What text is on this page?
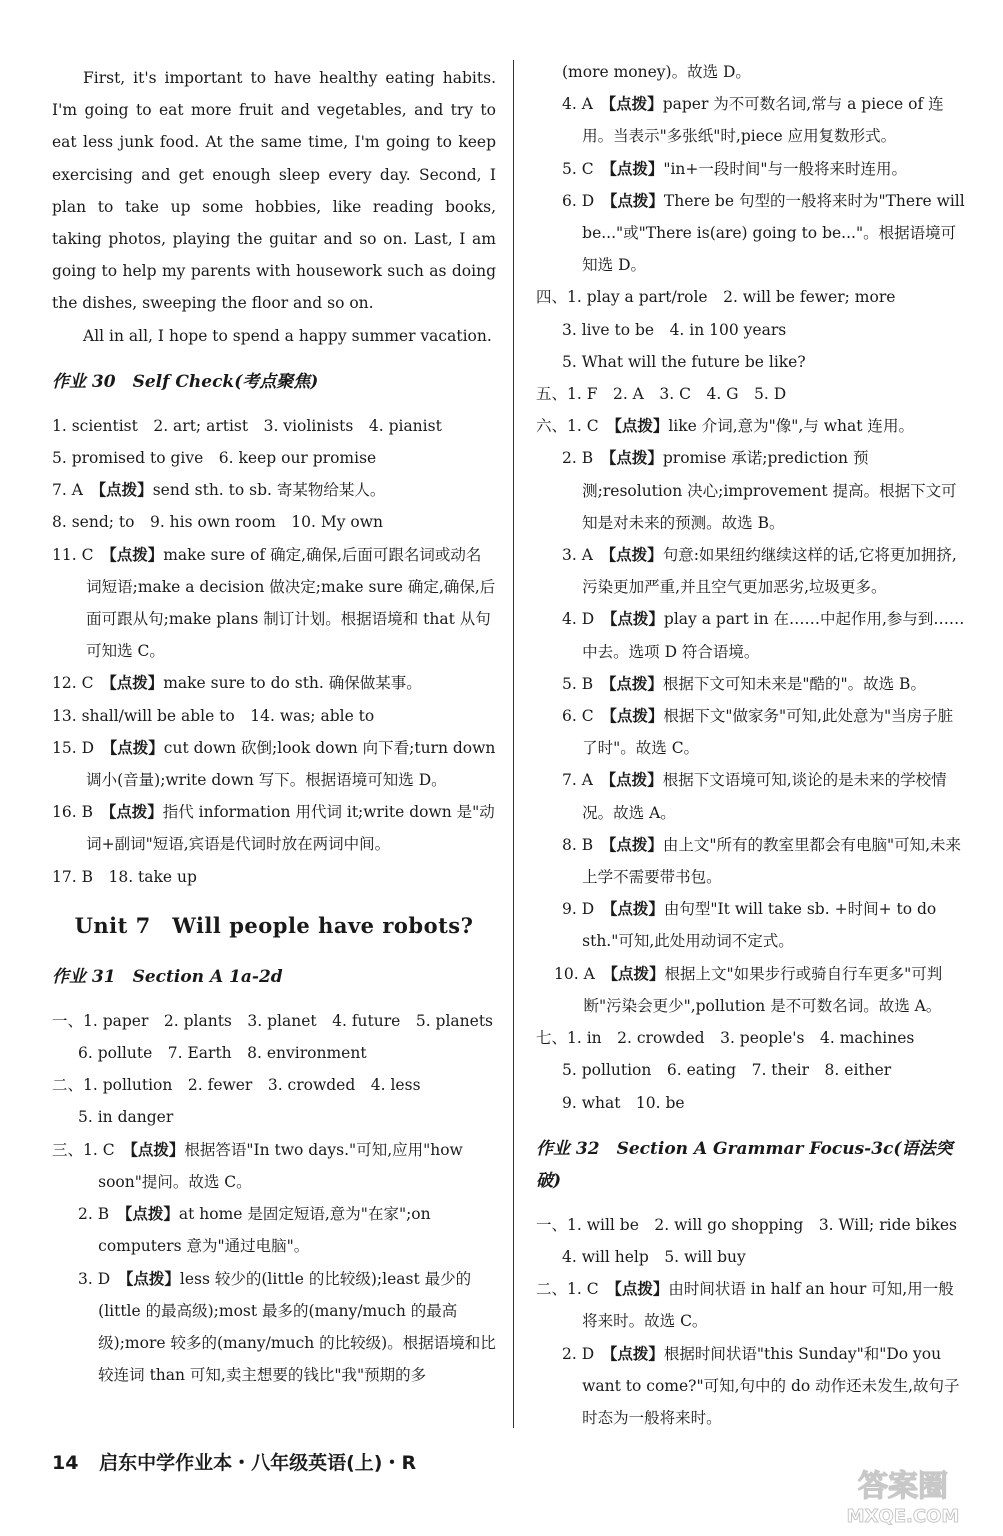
First, it's important to have healthy eating habits. I'm going to eat more fruit and vegetables, and try to eat less junk food. At the same time, I'm going to keep exercising and get enough sleep every day. Second, I plan to take up some hobbies, like reading books, taking photos, playing the guitar and so on. Last, I am going to help my parents with housework such as doing the dishes, sweeping the floor and so on.

All in all, I hope to spend a happy summer vacation.

作业 30　Self Check(考点聚焦)

1. scientist　2. art; artist　3. violinists　4. pianist

5. promised to give　6. keep our promise

7. A　【点拨】send sth. to sb. 寄某物给某人。

8. send; to　9. his own room　10. My own

11. C　【点拨】make sure of 确定,确保,后面可跟名词或动名词短语;make a decision 做决定;make sure 确定,确保,后面可跟从句;make plans 制订计划。根据语境和 that 从句可知选 C。

12. C　【点拨】make sure to do sth. 确保做某事。

13. shall/will be able to　14. was; able to

15. D　【点拨】cut down 砍倒;look down 向下看;turn down 调小(音量);write down 写下。根据语境可知选 D。

16. B　【点拨】指代 information 用代词 it;write down 是"动词+副词"短语,宾语是代词时放在两词中间。

17. B　18. take up

Unit 7　Will people have robots?

作业 31　Section A 1a-2d

一、1. paper　2. plants　3. planet　4. future　5. planets

6. pollute　7. Earth　8. environment

二、1. pollution　2. fewer　3. crowded　4. less

5. in danger

三、1. C　【点拨】根据答语"In two days."可知,应用"how soon"提问。故选 C。

2. B　【点拨】at home 是固定短语,意为"在家";on computers 意为"通过电脑"。

3. D　【点拨】less 较少的(little 的比较级);least 最少的(little 的最高级);most 最多的(many/much 的最高级);more 较多的(many/much 的比较级)。根据语境和比较连词 than 可知,卖主想要的钱比"我"预期的多

(more money)。故选 D。

4. A　【点拨】paper 为不可数名词,常与 a piece of 连用。当表示"多张纸"时,piece 应用复数形式。

5. C　【点拨】"in+一段时间"与一般将来时连用。

6. D　【点拨】There be 句型的一般将来时为"There will be..."或"There is(are) going to be..."。根据语境可知选 D。

四、1. play a part/role　2. will be fewer; more

3. live to be　4. in 100 years

5. What will the future be like?

五、1. F　2. A　3. C　4. G　5. D

六、1. C　【点拨】like 介词,意为"像",与 what 连用。

2. B　【点拨】promise 承诺;prediction 预测;resolution 决心;improvement 提高。根据下文可知是对未来的预测。故选 B。

3. A　【点拨】句意:如果纽约继续这样的话,它将更加拥挤,污染更加严重,并且空气更加恶劣,垃圾更多。

4. D　【点拨】play a part in 在……中起作用,参与到……中去。选项 D 符合语境。

5. B　【点拨】根据下文可知未来是"酷的"。故选 B。

6. C　【点拨】根据下文"做家务"可知,此处意为"当房子脏了时"。故选 C。

7. A　【点拨】根据下文语境可知,谈论的是未来的学校情况。故选 A。

8. B　【点拨】由上文"所有的教室里都会有电脑"可知,未来上学不需要带书包。

9. D　【点拨】由句型"It will take sb. +时间+ to do sth."可知,此处用动词不定式。

10. A　【点拨】根据上文"如果步行或骑自行车更多"可判断"污染会更少",pollution 是不可数名词。故选 A。

七、1. in　2. crowded　3. people's　4. machines

5. pollution　6. eating　7. their　8. either

9. what　10. be

作业 32　Section A Grammar Focus-3c(语法突破)

一、1. will be　2. will go shopping　3. Will; ride bikes

4. will help　5. will buy

二、1. C　【点拨】由时间状语 in half an hour 可知,用一般将来时。故选 C。

2. D　【点拨】根据时间状语"this Sunday"和"Do you want to come?"可知,句中的 do 动作还未发生,故句子时态为一般将来时。

14 启东中学作业本・八年级英语(上)・R
答案圈
MXQE.COM
